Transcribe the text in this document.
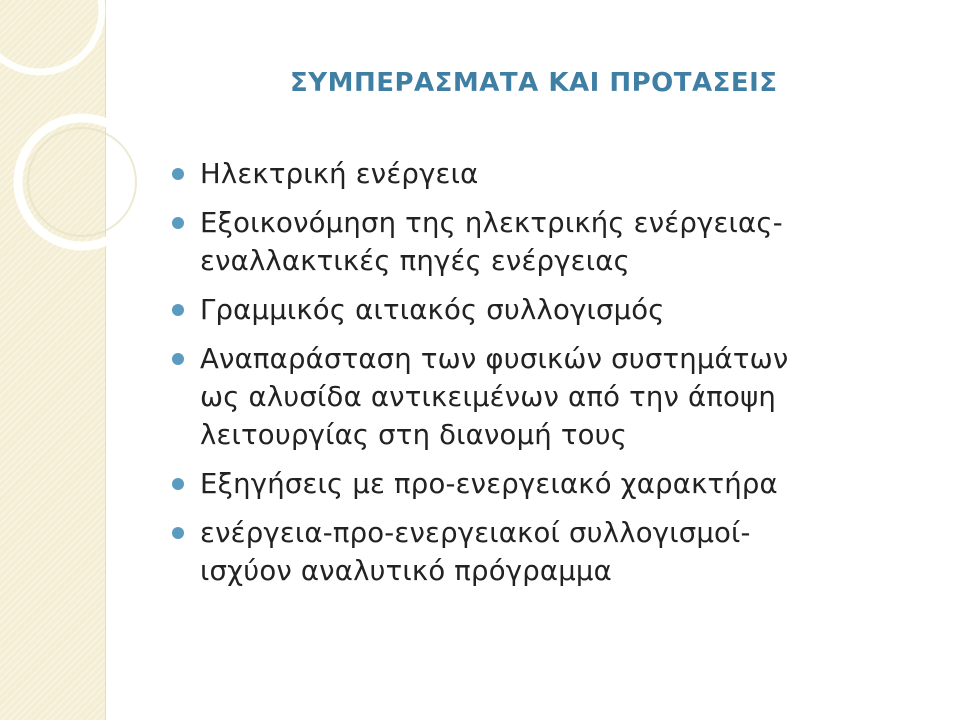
ΣΥΜΠΕΡΑΣΜΑΤΑ ΚΑΙ ΠΡΟΤΑΣΕΙΣ
Ηλεκτρική ενέργεια
Εξοικονόμηση της ηλεκτρικής ενέργειας-
εναλλακτικές πηγές ενέργειας
Γραμμικός αιτιακός συλλογισμός
Αναπαράσταση των φυσικών συστημάτων
ως αλυσίδα αντικειμένων από την άποψη
λειτουργίας στη διανομή τους
Εξηγήσεις με προ-ενεργειακό χαρακτήρα
ενέργεια-προ-ενεργειακοί συλλογισμοί-
ισχύον αναλυτικό πρόγραμμα
